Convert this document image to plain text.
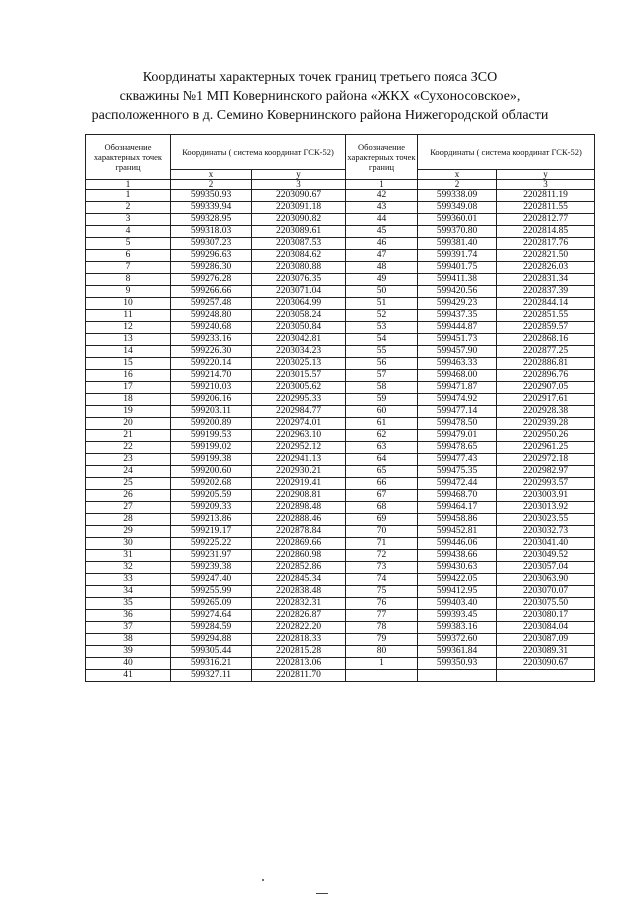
Координаты характерных точек границ третьего пояса ЗСО
скважины №1 МП Ковернинского района «ЖКХ «Сухоносовское»,
расположенного в д. Семино Ковернинского района Нижегородской области
Обозначение характерных точек границ	Координаты ( система координат ГСК-52)		Обозначение характерных точек границ	Координаты ( система координат ГСК-52)	
	x	y		x	y
1	2	3	1	2	3
1	599350.93	2203090.67	42	599338.09	2202811.19
2	599339.94	2203091.18	43	599349.08	2202811.55
3	599328.95	2203090.82	44	599360.01	2202812.77
4	599318.03	2203089.61	45	599370.80	2202814.85
5	599307.23	2203087.53	46	599381.40	2202817.76
6	599296.63	2203084.62	47	599391.74	2202821.50
7	599286.30	2203080.88	48	599401.75	2202826.03
8	599276.28	2203076.35	49	599411.38	2202831.34
9	599266.66	2203071.04	50	599420.56	2202837.39
10	599257.48	2203064.99	51	599429.23	2202844.14
11	599248.80	2203058.24	52	599437.35	2202851.55
12	599240.68	2203050.84	53	599444.87	2202859.57
13	599233.16	2203042.81	54	599451.73	2202868.16
14	599226.30	2203034.23	55	599457.90	2202877.25
15	599220.14	2203025.13	56	599463.33	2202886.81
16	599214.70	2203015.57	57	599468.00	2202896.76
17	599210.03	2203005.62	58	599471.87	2202907.05
18	599206.16	2202995.33	59	599474.92	2202917.61
19	599203.11	2202984.77	60	599477.14	2202928.38
20	599200.89	2202974.01	61	599478.50	2202939.28
21	599199.53	2202963.10	62	599479.01	2202950.26
22	599199.02	2202952.12	63	599478.65	2202961.25
23	599199.38	2202941.13	64	599477.43	2202972.18
24	599200.60	2202930.21	65	599475.35	2202982.97
25	599202.68	2202919.41	66	599472.44	2202993.57
26	599205.59	2202908.81	67	599468.70	2203003.91
27	599209.33	2202898.48	68	599464.17	2203013.92
28	599213.86	2202888.46	69	599458.86	2203023.55
29	599219.17	2202878.84	70	599452.81	2203032.73
30	599225.22	2202869.66	71	599446.06	2203041.40
31	599231.97	2202860.98	72	599438.66	2203049.52
32	599239.38	2202852.86	73	599430.63	2203057.04
33	599247.40	2202845.34	74	599422.05	2203063.90
34	599255.99	2202838.48	75	599412.95	2203070.07
35	599265.09	2202832.31	76	599403.40	2203075.50
36	599274.64	2202826.87	77	599393.45	2203080.17
37	599284.59	2202822.20	78	599383.16	2203084.04
38	599294.88	2202818.33	79	599372.60	2203087.09
39	599305.44	2202815.28	80	599361.84	2203089.31
40	599316.21	2202813.06	1	599350.93	2203090.67
41	599327.11	2202811.70			
